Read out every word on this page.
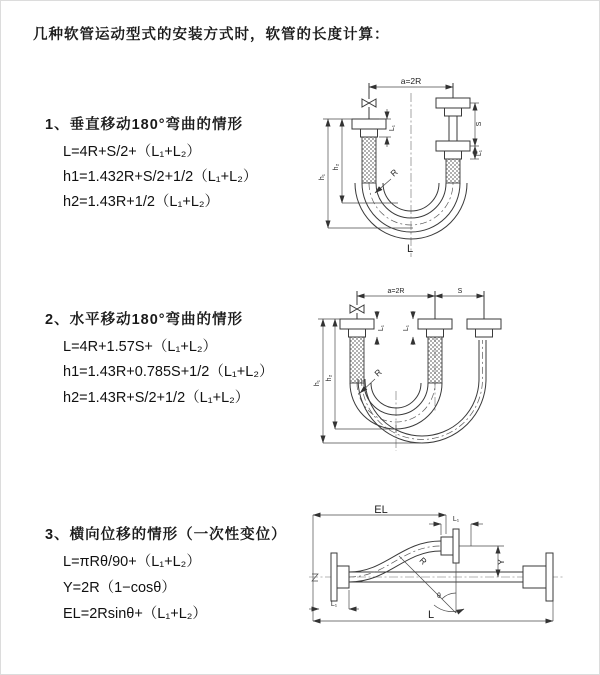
几种软管运动型式的安装方式时，软管的长度计算：
1、垂直移动180°弯曲的情形
L=4R+S/2+（L₁+L₂）
h1=1.432R+S/2+1/2（L₁+L₂）
h2=1.43R+1/2（L₁+L₂）
a=2R
L₁
S
L₁
h₁
h₂
R
L
2、水平移动180°弯曲的情形
L=4R+1.57S+（L₁+L₂）
h1=1.43R+0.785S+1/2（L₁+L₂）
h2=1.43R+S/2+1/2（L₁+L₂）
a=2R	S
L₁	L₁
h₁
h₂	R
3、横向位移的情形（一次性变位）
L=πRθ/90+（L₁+L₂）
Y=2R（1−cosθ）
EL=2Rsinθ+（L₁+L₂）
EL
L₁
Y
R
θ
L₁
L
